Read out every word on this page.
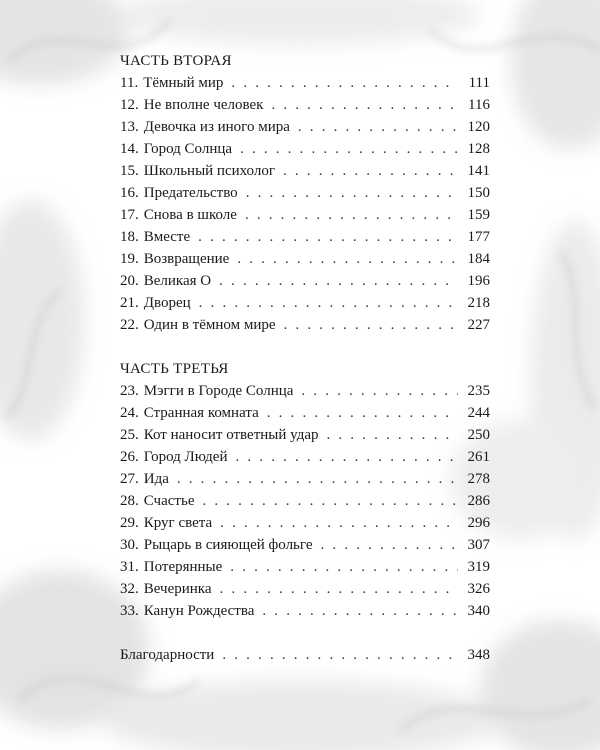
ЧАСТЬ ВТОРАЯ
11. Тёмный мир . . .	111
12. Не вполне человек . . .	116
13. Девочка из иного мира . . .	120
14. Город Солнца . . .	128
15. Школьный психолог . . .	141
16. Предательство . . .	150
17. Снова в школе . . .	159
18. Вместе . . .	177
19. Возвращение . . .	184
20. Великая О . . .	196
21. Дворец . . .	218
22. Один в тёмном мире . . .	227
ЧАСТЬ ТРЕТЬЯ
23. Мэгги в Городе Солнца . . .	235
24. Странная комната . . .	244
25. Кот наносит ответный удар . . .	250
26. Город Людей . . .	261
27. Ида . . .	278
28. Счастье . . .	286
29. Круг света . . .	296
30. Рыцарь в сияющей фольге . . .	307
31. Потерянные . . .	319
32. Вечеринка . . .	326
33. Канун Рождества . . .	340
Благодарности . . .	348
